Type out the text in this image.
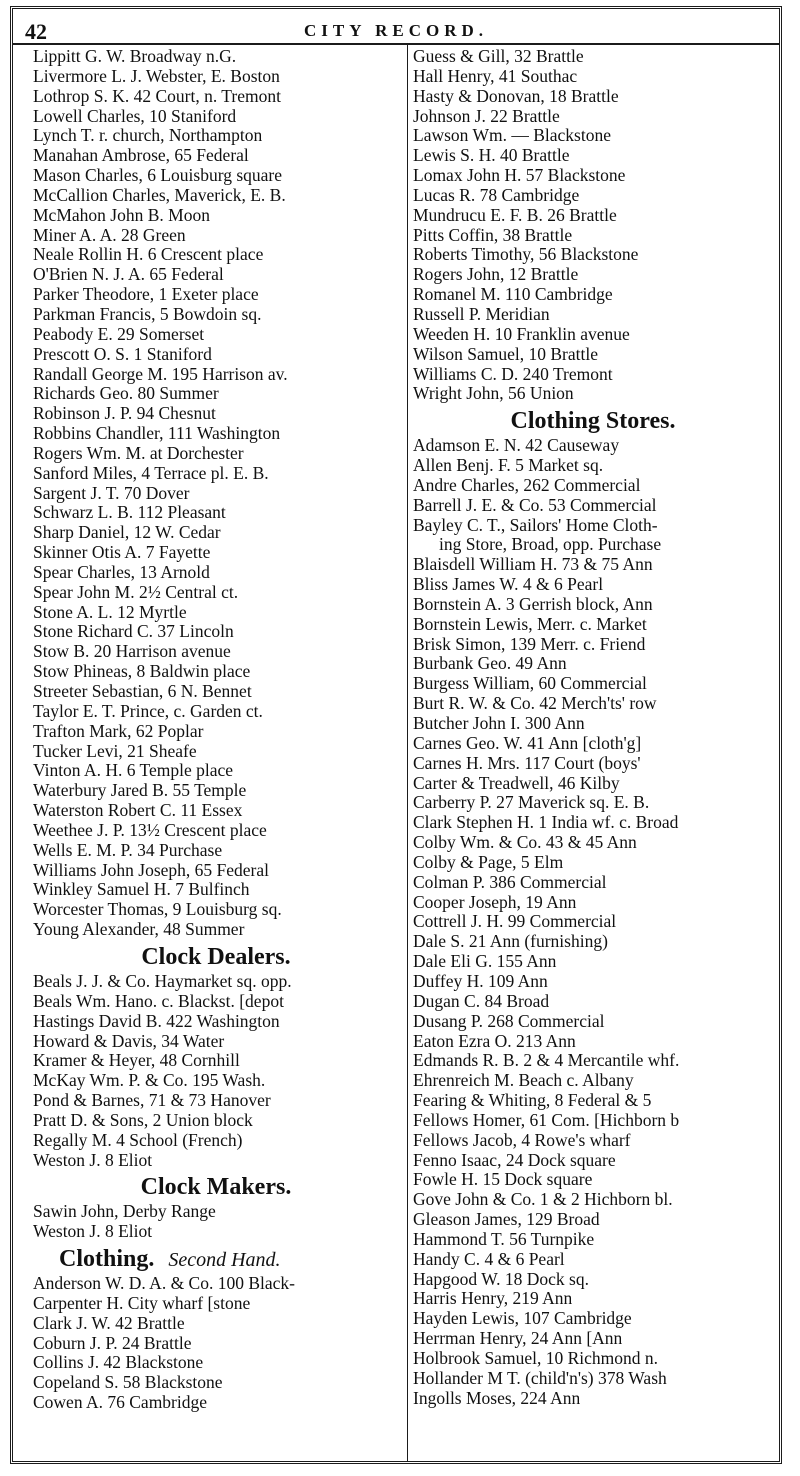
42	CITY RECORD.
Lippitt G. W. Broadway n.G.
Livermore L. J. Webster, E. Boston
Lothrop S. K. 42 Court, n. Tremont
Lowell Charles, 10 Staniford
Lynch T. r. church, Northampton
Manahan Ambrose, 65 Federal
Mason Charles, 6 Louisburg square
McCallion Charles, Maverick, E. B.
McMahon John B. Moon
Miner A. A. 28 Green
Neale Rollin H. 6 Crescent place
O'Brien N. J. A. 65 Federal
Parker Theodore, 1 Exeter place
Parkman Francis, 5 Bowdoin sq.
Peabody E. 29 Somerset
Prescott O. S. 1 Staniford
Randall George M. 195 Harrison av.
Richards Geo. 80 Summer
Robinson J. P. 94 Chesnut
Robbins Chandler, 111 Washington
Rogers Wm. M. at Dorchester
Sanford Miles, 4 Terrace pl. E. B.
Sargent J. T. 70 Dover
Schwarz L. B. 112 Pleasant
Sharp Daniel, 12 W. Cedar
Skinner Otis A. 7 Fayette
Spear Charles, 13 Arnold
Spear John M. 2½ Central ct.
Stone A. L. 12 Myrtle
Stone Richard C. 37 Lincoln
Stow B. 20 Harrison avenue
Stow Phineas, 8 Baldwin place
Streeter Sebastian, 6 N. Bennet
Taylor E. T. Prince, c. Garden ct.
Trafton Mark, 62 Poplar
Tucker Levi, 21 Sheafe
Vinton A. H. 6 Temple place
Waterbury Jared B. 55 Temple
Waterston Robert C. 11 Essex
Weethee J. P. 13½ Crescent place
Wells E. M. P. 34 Purchase
Williams John Joseph, 65 Federal
Winkley Samuel H. 7 Bulfinch
Worcester Thomas, 9 Louisburg sq.
Young Alexander, 48 Summer
Clock Dealers.
Beals J. J. & Co. Haymarket sq. opp.
Beals Wm. Hano. c. Blackst. [depot
Hastings David B. 422 Washington
Howard & Davis, 34 Water
Kramer & Heyer, 48 Cornhill
McKay Wm. P. & Co. 195 Wash.
Pond & Barnes, 71 & 73 Hanover
Pratt D. & Sons, 2 Union block
Regally M. 4 School (French)
Weston J. 8 Eliot
Clock Makers.
Sawin John, Derby Range
Weston J. 8 Eliot
Clothing. Second Hand.
Anderson W. D. A. & Co. 100 Black-
Carpenter H. City wharf [stone
Clark J. W. 42 Brattle
Coburn J. P. 24 Brattle
Collins J. 42 Blackstone
Copeland S. 58 Blackstone
Cowen A. 76 Cambridge
Guess & Gill, 32 Brattle
Hall Henry, 41 Southac
Hasty & Donovan, 18 Brattle
Johnson J. 22 Brattle
Lawson Wm. — Blackstone
Lewis S. H. 40 Brattle
Lomax John H. 57 Blackstone
Lucas R. 78 Cambridge
Mundrucu E. F. B. 26 Brattle
Pitts Coffin, 38 Brattle
Roberts Timothy, 56 Blackstone
Rogers John, 12 Brattle
Romanel M. 110 Cambridge
Russell P. Meridian
Weeden H. 10 Franklin avenue
Wilson Samuel, 10 Brattle
Williams C. D. 240 Tremont
Wright John, 56 Union
Clothing Stores.
Adamson E. N. 42 Causeway
Allen Benj. F. 5 Market sq.
Andre Charles, 262 Commercial
Barrell J. E. & Co. 53 Commercial
Bayley C. T., Sailors' Home Cloth-
ing Store, Broad, opp. Purchase
Blaisdell William H. 73 & 75 Ann
Bliss James W. 4 & 6 Pearl
Bornstein A. 3 Gerrish block, Ann
Bornstein Lewis, Merr. c. Market
Brisk Simon, 139 Merr. c. Friend
Burbank Geo. 49 Ann
Burgess William, 60 Commercial
Burt R. W. & Co. 42 Merch'ts' row
Butcher John I. 300 Ann
Carnes Geo. W. 41 Ann [cloth'g]
Carnes H. Mrs. 117 Court (boys'
Carter & Treadwell, 46 Kilby
Carberry P. 27 Maverick sq. E. B.
Clark Stephen H. 1 India wf. c. Broad
Colby Wm. & Co. 43 & 45 Ann
Colby & Page, 5 Elm
Colman P. 386 Commercial
Cooper Joseph, 19 Ann
Cottrell J. H. 99 Commercial
Dale S. 21 Ann (furnishing)
Dale Eli G. 155 Ann
Duffey H. 109 Ann
Dugan C. 84 Broad
Dusang P. 268 Commercial
Eaton Ezra O. 213 Ann
Edmands R. B. 2 & 4 Mercantile whf.
Ehrenreich M. Beach c. Albany
Fearing & Whiting, 8 Federal & 5
Fellows Homer, 61 Com. [Hichborn b
Fellows Jacob, 4 Rowe's wharf
Fenno Isaac, 24 Dock square
Fowle H. 15 Dock square
Gove John & Co. 1 & 2 Hichborn bl.
Gleason James, 129 Broad
Hammond T. 56 Turnpike
Handy C. 4 & 6 Pearl
Hapgood W. 18 Dock sq.
Harris Henry, 219 Ann
Hayden Lewis, 107 Cambridge
Herrman Henry, 24 Ann [Ann
Holbrook Samuel, 10 Richmond n.
Hollander M T. (child'n's) 378 Wash
Ingolls Moses, 224 Ann
